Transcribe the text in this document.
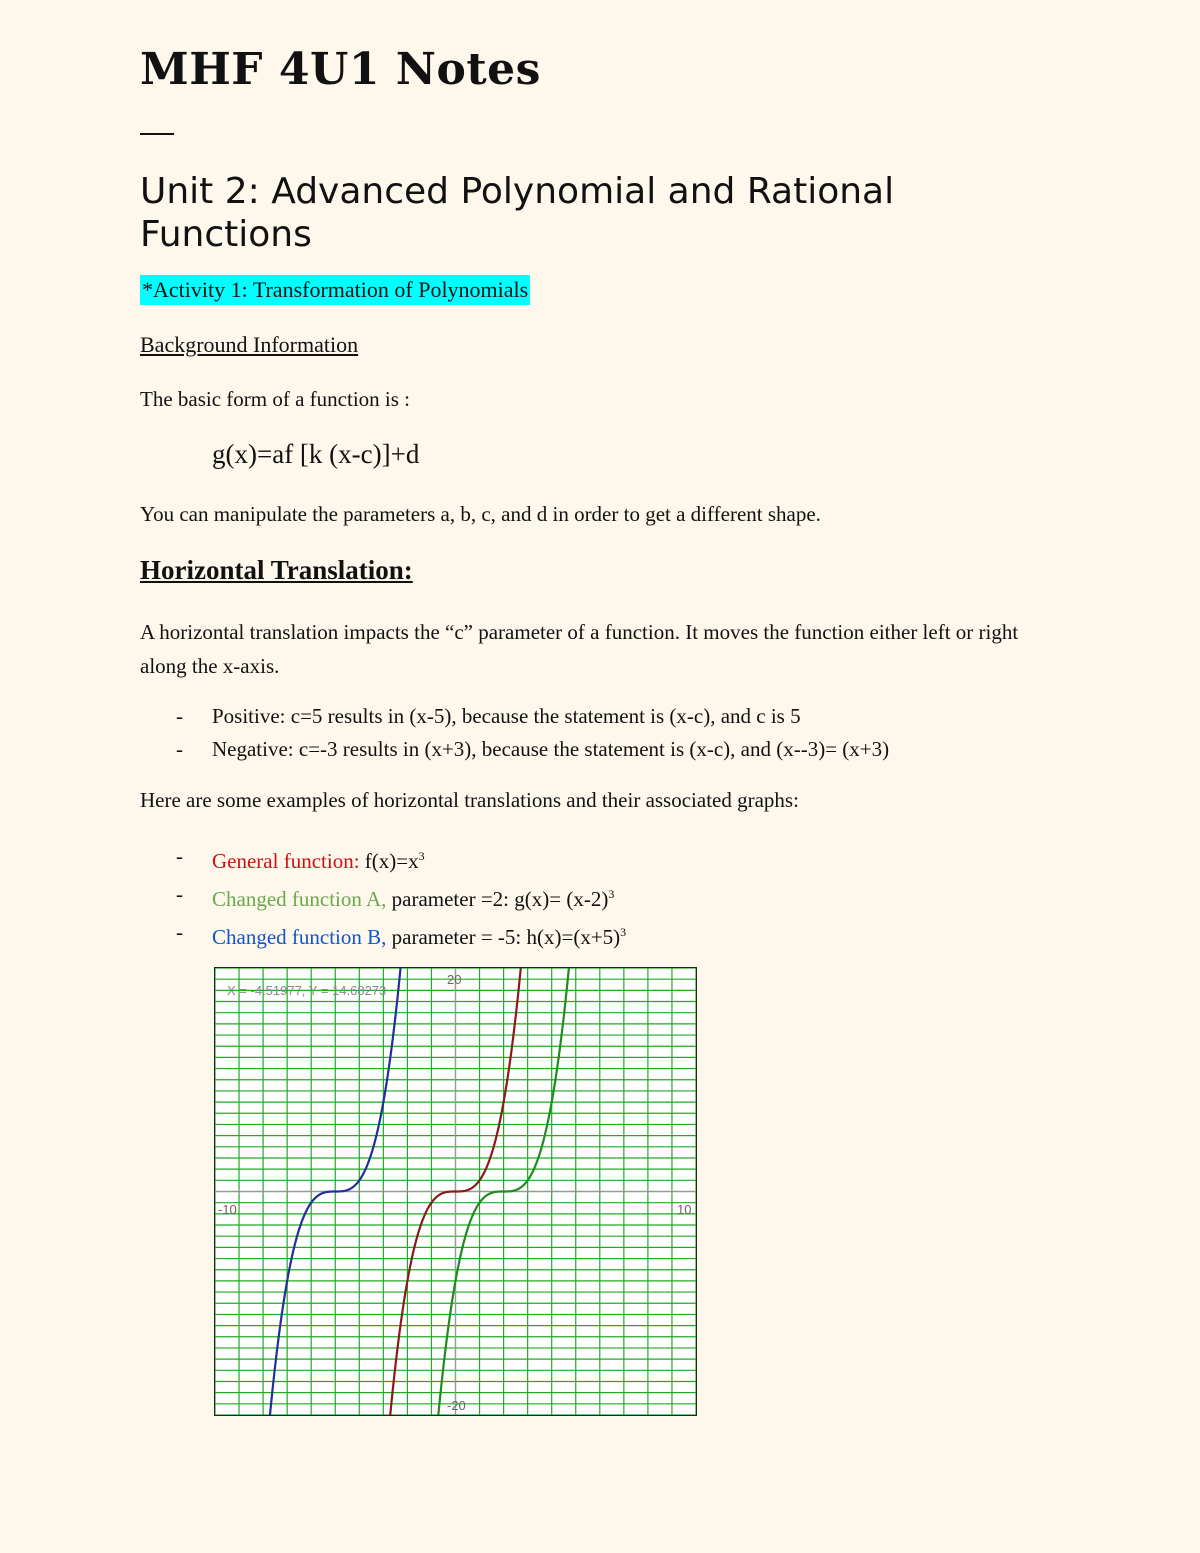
MHF 4U1 Notes
Unit 2: Advanced Polynomial and Rational Functions
*Activity 1: Transformation of Polynomials
Background Information
The basic form of a function is :
g(x)=af [k (x-c)]+d
You can manipulate the parameters a, b, c, and d in order to get a different shape.
Horizontal Translation:
A horizontal translation impacts the “c” parameter of a function. It moves the function either left or right along the x-axis.
- Positive: c=5 results in (x-5), because the statement is (x-c), and c is 5
- Negative: c=-3 results in (x+3), because the statement is (x-c), and (x--3)= (x+3)
Here are some examples of horizontal translations and their associated graphs:
- General function: $f(x)=x^3$
- Changed function A, parameter =2: $g(x)= (x-2)^3$
- Changed function B, parameter = -5: $h(x)=(x+5)^3$
X = -4.51977, Y = 14.68273
-10	10
20
-20
